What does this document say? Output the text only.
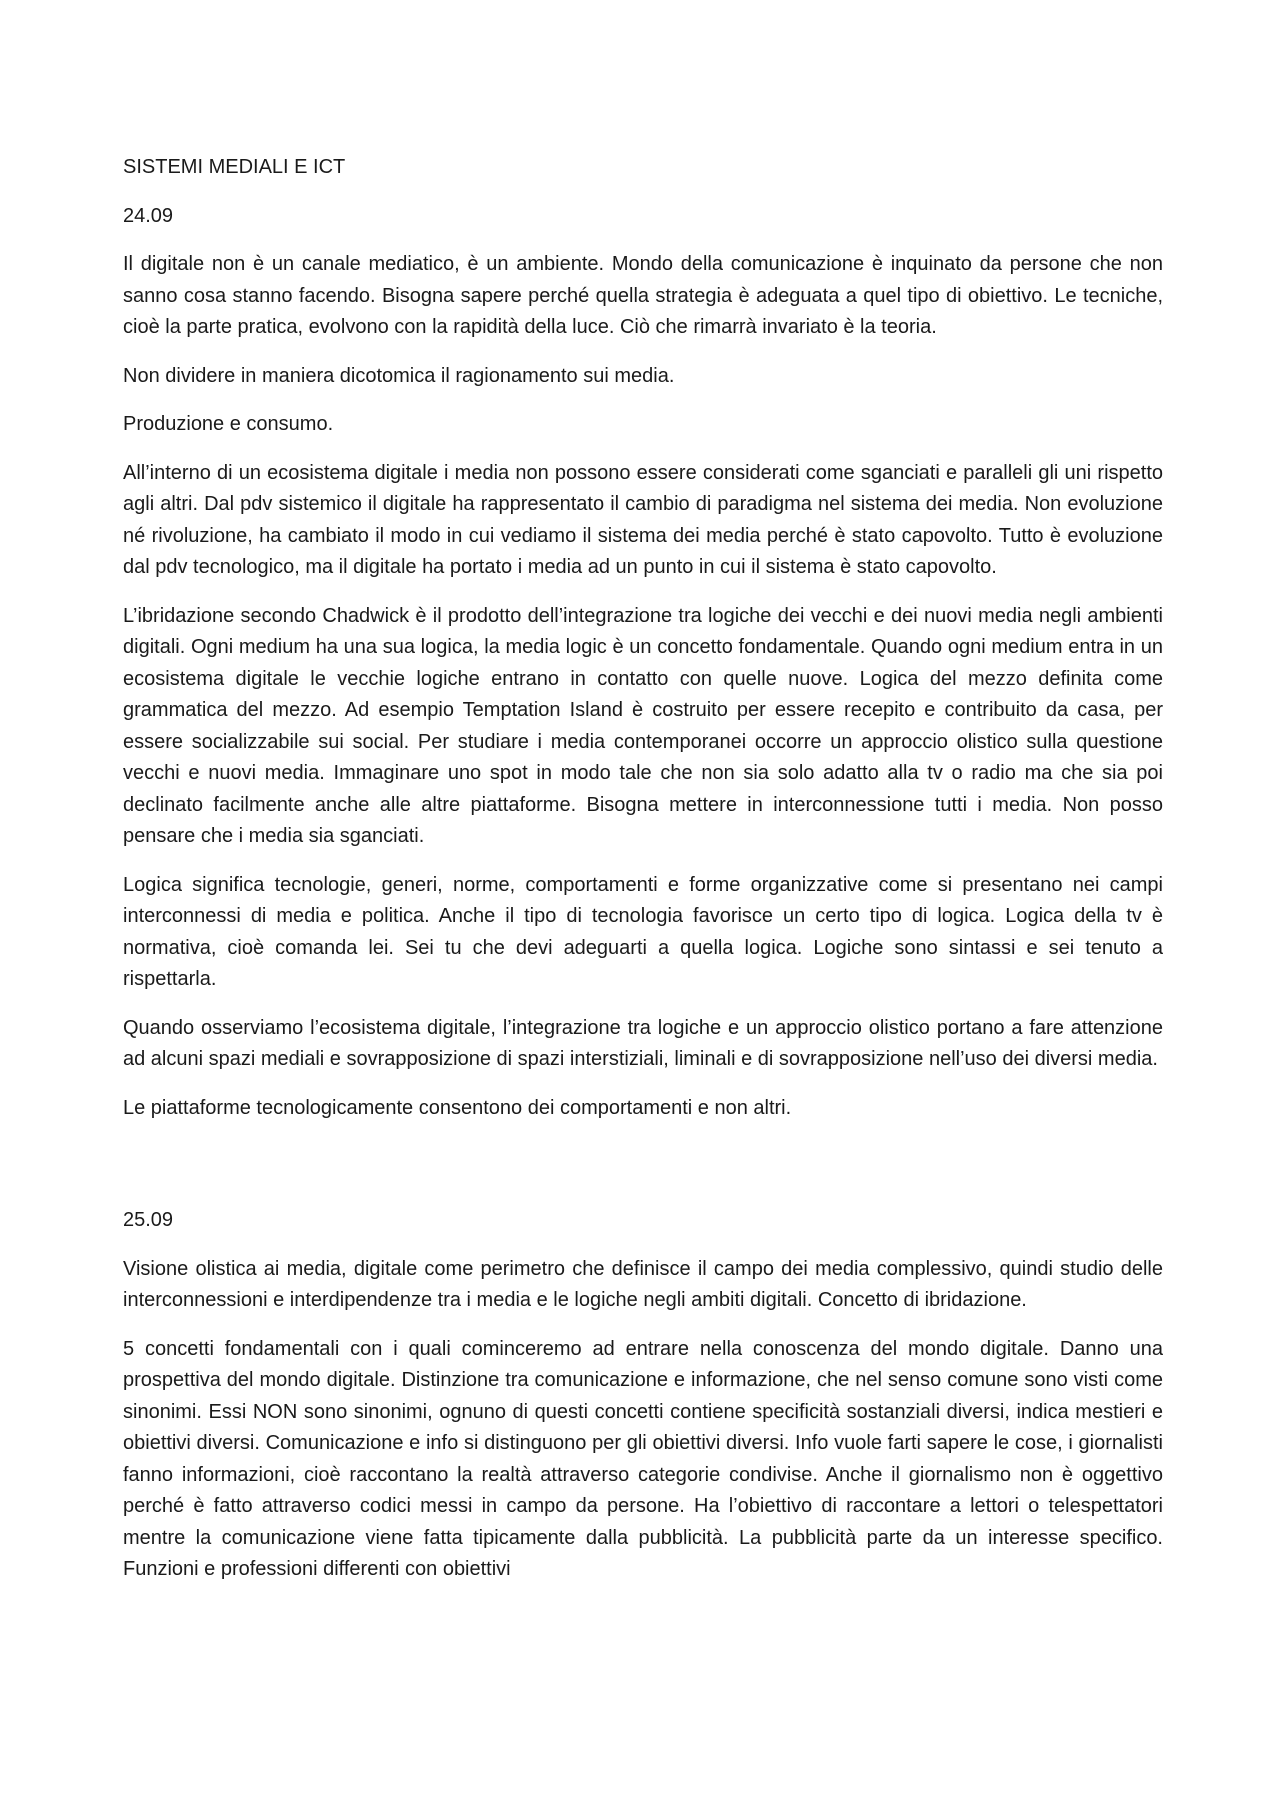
SISTEMI MEDIALI E ICT

24.09

Il digitale non è un canale mediatico, è un ambiente. Mondo della comunicazione è inquinato da persone che non sanno cosa stanno facendo. Bisogna sapere perché quella strategia è adeguata a quel tipo di obiettivo. Le tecniche, cioè la parte pratica, evolvono con la rapidità della luce. Ciò che rimarrà invariato è la teoria.

Non dividere in maniera dicotomica il ragionamento sui media.

Produzione e consumo.

All’interno di un ecosistema digitale i media non possono essere considerati come sganciati e paralleli gli uni rispetto agli altri. Dal pdv sistemico il digitale ha rappresentato il cambio di paradigma nel sistema dei media. Non evoluzione né rivoluzione, ha cambiato il modo in cui vediamo il sistema dei media perché è stato capovolto. Tutto è evoluzione dal pdv tecnologico, ma il digitale ha portato i media ad un punto in cui il sistema è stato capovolto.

L’ibridazione secondo Chadwick è il prodotto dell’integrazione tra logiche dei vecchi e dei nuovi media negli ambienti digitali. Ogni medium ha una sua logica, la media logic è un concetto fondamentale. Quando ogni medium entra in un ecosistema digitale le vecchie logiche entrano in contatto con quelle nuove. Logica del mezzo definita come grammatica del mezzo. Ad esempio Temptation Island è costruito per essere recepito e contribuito da casa, per essere socializzabile sui social. Per studiare i media contemporanei occorre un approccio olistico sulla questione vecchi e nuovi media. Immaginare uno spot in modo tale che non sia solo adatto alla tv o radio ma che sia poi declinato facilmente anche alle altre piattaforme. Bisogna mettere in interconnessione tutti i media. Non posso pensare che i media sia sganciati.

Logica significa tecnologie, generi, norme, comportamenti e forme organizzative come si presentano nei campi interconnessi di media e politica. Anche il tipo di tecnologia favorisce un certo tipo di logica. Logica della tv è normativa, cioè comanda lei. Sei tu che devi adeguarti a quella logica. Logiche sono sintassi e sei tenuto a rispettarla.

Quando osserviamo l’ecosistema digitale, l’integrazione tra logiche e un approccio olistico portano a fare attenzione ad alcuni spazi mediali e sovrapposizione di spazi interstiziali, liminali e di sovrapposizione nell’uso dei diversi media.

Le piattaforme tecnologicamente consentono dei comportamenti e non altri.

25.09

Visione olistica ai media, digitale come perimetro che definisce il campo dei media complessivo, quindi studio delle interconnessioni e interdipendenze tra i media e le logiche negli ambiti digitali. Concetto di ibridazione.

5 concetti fondamentali con i quali cominceremo ad entrare nella conoscenza del mondo digitale. Danno una prospettiva del mondo digitale. Distinzione tra comunicazione e informazione, che nel senso comune sono visti come sinonimi. Essi NON sono sinonimi, ognuno di questi concetti contiene specificità sostanziali diversi, indica mestieri e obiettivi diversi. Comunicazione e info si distinguono per gli obiettivi diversi. Info vuole farti sapere le cose, i giornalisti fanno informazioni, cioè raccontano la realtà attraverso categorie condivise. Anche il giornalismo non è oggettivo perché è fatto attraverso codici messi in campo da persone. Ha l’obiettivo di raccontare a lettori o telespettatori mentre la comunicazione viene fatta tipicamente dalla pubblicità. La pubblicità parte da un interesse specifico. Funzioni e professioni differenti con obiettivi
